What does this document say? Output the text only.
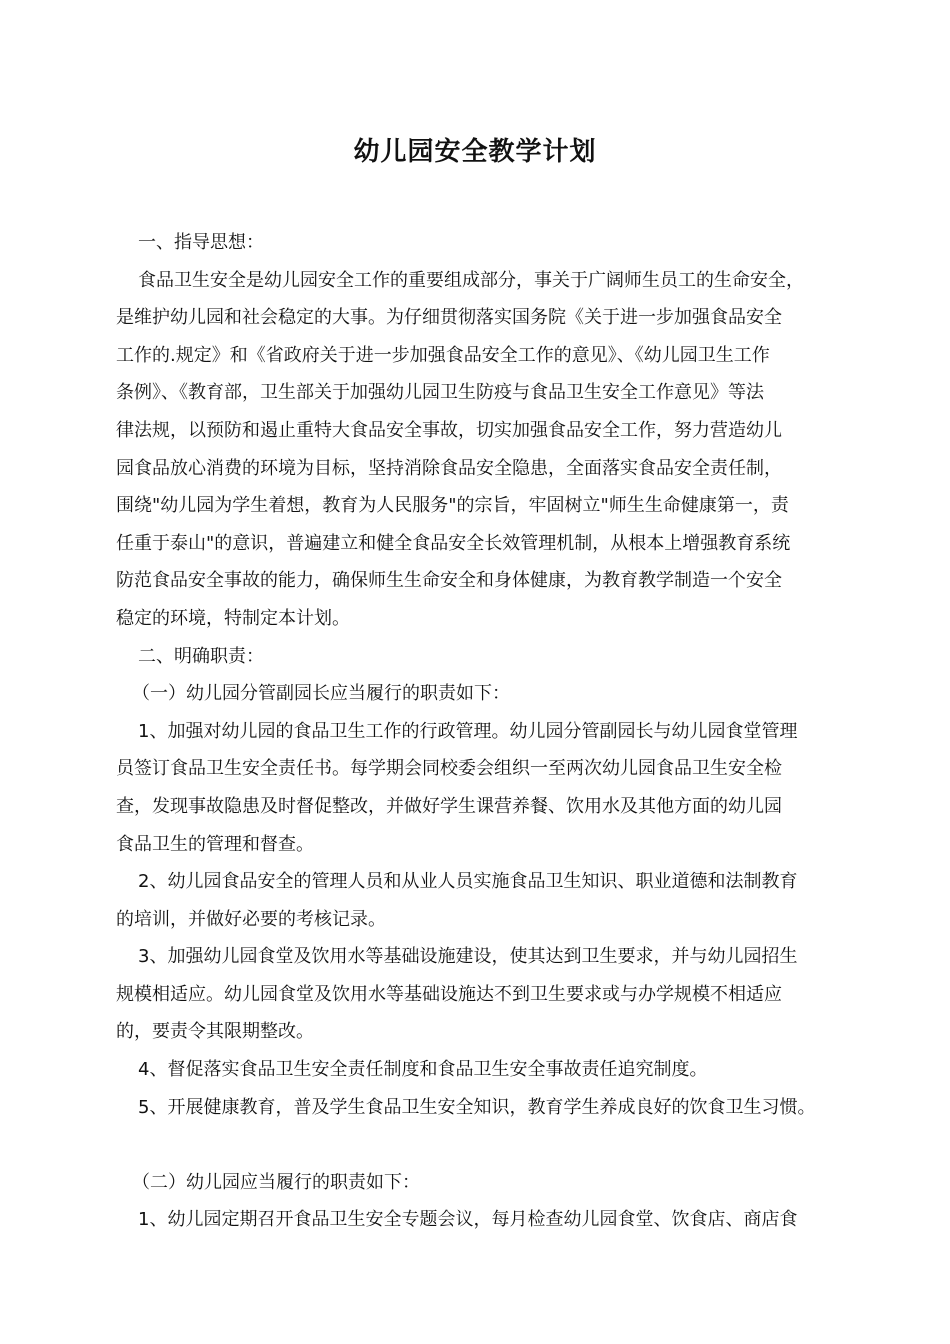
幼儿园安全教学计划
一、指导思想：
食品卫生安全是幼儿园安全工作的重要组成部分，事关于广阔师生员工的生命安全，
是维护幼儿园和社会稳定的大事。为仔细贯彻落实国务院《关于进一步加强食品安全
工作的.规定》和《省政府关于进一步加强食品安全工作的意见》、《幼儿园卫生工作
条例》、《教育部，卫生部关于加强幼儿园卫生防疫与食品卫生安全工作意见》等法
律法规，以预防和遏止重特大食品安全事故，切实加强食品安全工作，努力营造幼儿
园食品放心消费的环境为目标，坚持消除食品安全隐患，全面落实食品安全责任制，
围绕"幼儿园为学生着想，教育为人民服务"的宗旨，牢固树立"师生生命健康第一，责
任重于泰山"的意识，普遍建立和健全食品安全长效管理机制，从根本上增强教育系统
防范食品安全事故的能力，确保师生生命安全和身体健康，为教育教学制造一个安全
稳定的环境，特制定本计划。
二、明确职责：
（一）幼儿园分管副园长应当履行的职责如下：
1、加强对幼儿园的食品卫生工作的行政管理。幼儿园分管副园长与幼儿园食堂管理
员签订食品卫生安全责任书。每学期会同校委会组织一至两次幼儿园食品卫生安全检
查，发现事故隐患及时督促整改，并做好学生课营养餐、饮用水及其他方面的幼儿园
食品卫生的管理和督查。
2、幼儿园食品安全的管理人员和从业人员实施食品卫生知识、职业道德和法制教育
的培训，并做好必要的考核记录。
3、加强幼儿园食堂及饮用水等基础设施建设，使其达到卫生要求，并与幼儿园招生
规模相适应。幼儿园食堂及饮用水等基础设施达不到卫生要求或与办学规模不相适应
的，要责令其限期整改。
4、督促落实食品卫生安全责任制度和食品卫生安全事故责任追究制度。
5、开展健康教育，普及学生食品卫生安全知识，教育学生养成良好的饮食卫生习惯。
（二）幼儿园应当履行的职责如下：
1、幼儿园定期召开食品卫生安全专题会议，每月检查幼儿园食堂、饮食店、商店食
